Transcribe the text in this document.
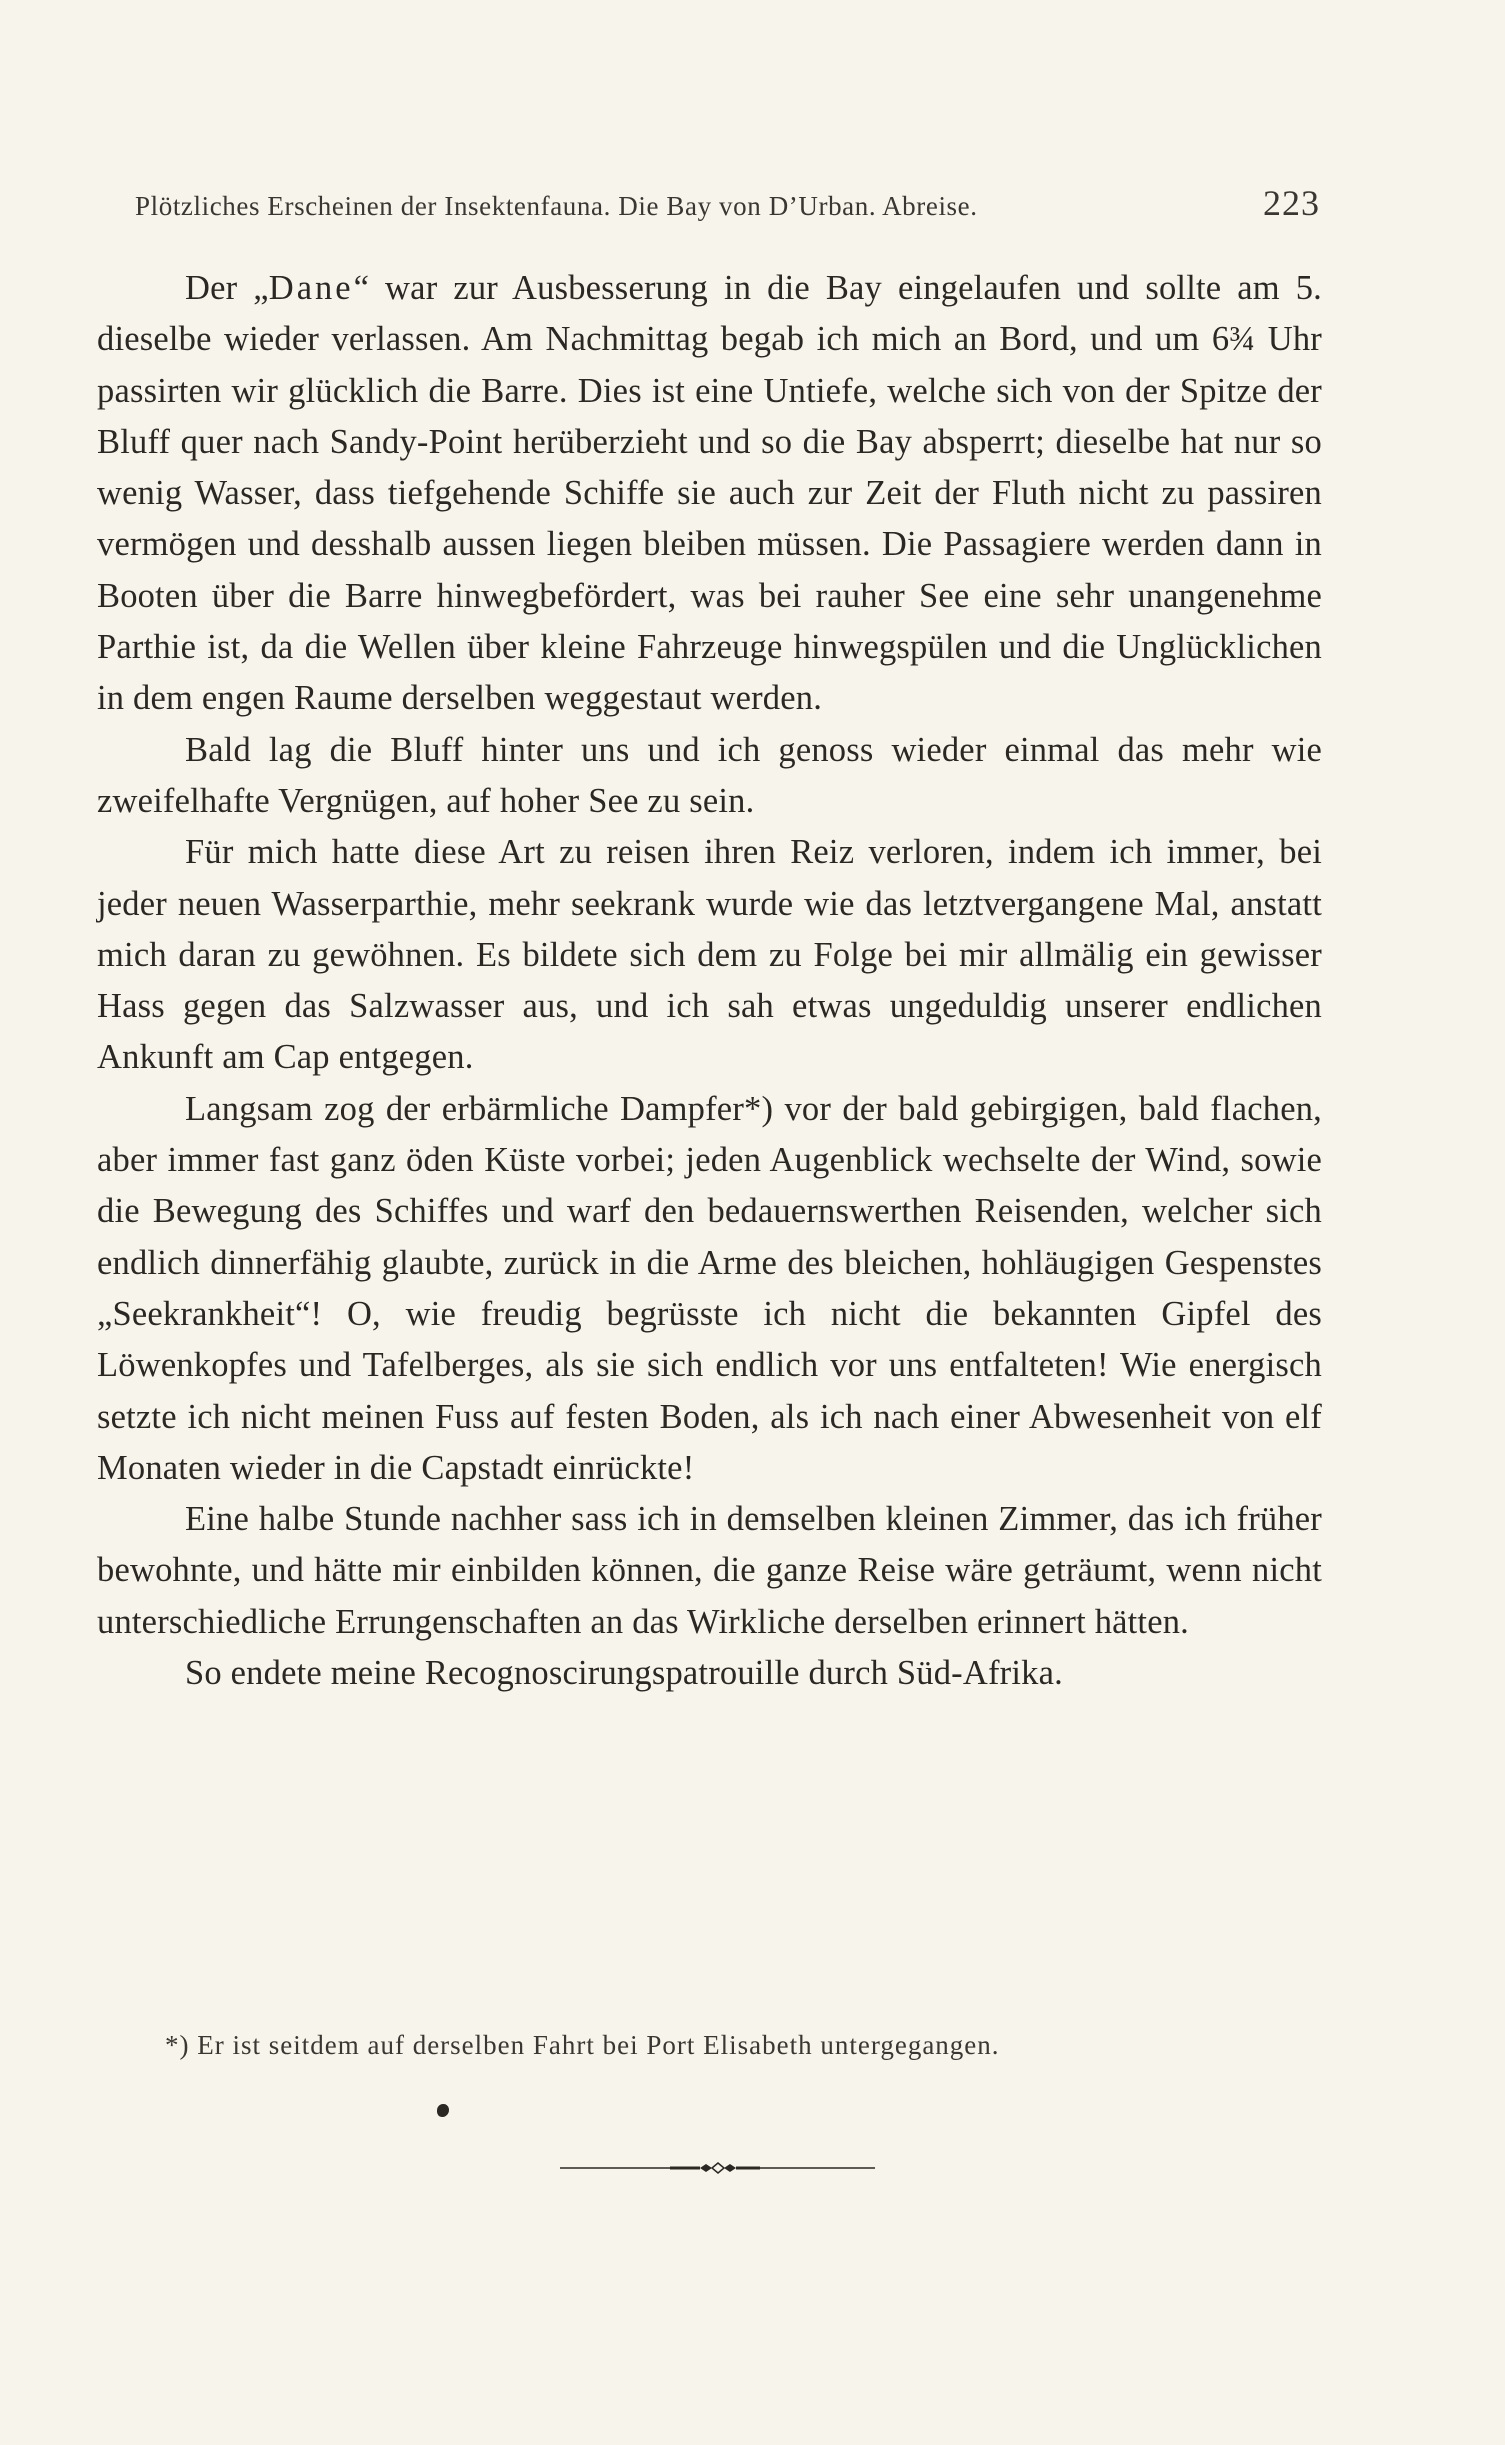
Plötzliches Erscheinen der Insektenfauna. Die Bay von D’Urban. Abreise.	223

Der „Dane“ war zur Ausbesserung in die Bay eingelaufen und sollte am 5. dieselbe wieder verlassen. Am Nachmittag begab ich mich an Bord, und um 6¾ Uhr passirten wir glücklich die Barre. Dies ist eine Untiefe, welche sich von der Spitze der Bluff quer nach Sandy-Point herüberzieht und so die Bay absperrt; dieselbe hat nur so wenig Wasser, dass tiefgehende Schiffe sie auch zur Zeit der Fluth nicht zu passiren vermögen und desshalb aussen liegen bleiben müssen. Die Passagiere werden dann in Booten über die Barre hinwegbefördert, was bei rauher See eine sehr unangenehme Parthie ist, da die Wellen über kleine Fahrzeuge hinwegspülen und die Unglücklichen in dem engen Raume derselben weggestaut werden.

Bald lag die Bluff hinter uns und ich genoss wieder einmal das mehr wie zweifelhafte Vergnügen, auf hoher See zu sein.

Für mich hatte diese Art zu reisen ihren Reiz verloren, indem ich immer, bei jeder neuen Wasserparthie, mehr seekrank wurde wie das letztvergangene Mal, anstatt mich daran zu gewöhnen. Es bildete sich dem zu Folge bei mir allmälig ein gewisser Hass gegen das Salzwasser aus, und ich sah etwas ungeduldig unserer endlichen Ankunft am Cap entgegen.

Langsam zog der erbärmliche Dampfer*) vor der bald gebirgigen, bald flachen, aber immer fast ganz öden Küste vorbei; jeden Augenblick wechselte der Wind, sowie die Bewegung des Schiffes und warf den bedauernswerthen Reisenden, welcher sich endlich dinnerfähig glaubte, zurück in die Arme des bleichen, hohläugigen Gespenstes „Seekrankheit“! O, wie freudig begrüsste ich nicht die bekannten Gipfel des Löwenkopfes und Tafelberges, als sie sich endlich vor uns entfalteten! Wie energisch setzte ich nicht meinen Fuss auf festen Boden, als ich nach einer Abwesenheit von elf Monaten wieder in die Capstadt einrückte!

Eine halbe Stunde nachher sass ich in demselben kleinen Zimmer, das ich früher bewohnte, und hätte mir einbilden können, die ganze Reise wäre geträumt, wenn nicht unterschiedliche Errungenschaften an das Wirkliche derselben erinnert hätten.

So endete meine Recognoscirungspatrouille durch Süd-Afrika.

*) Er ist seitdem auf derselben Fahrt bei Port Elisabeth untergegangen.
